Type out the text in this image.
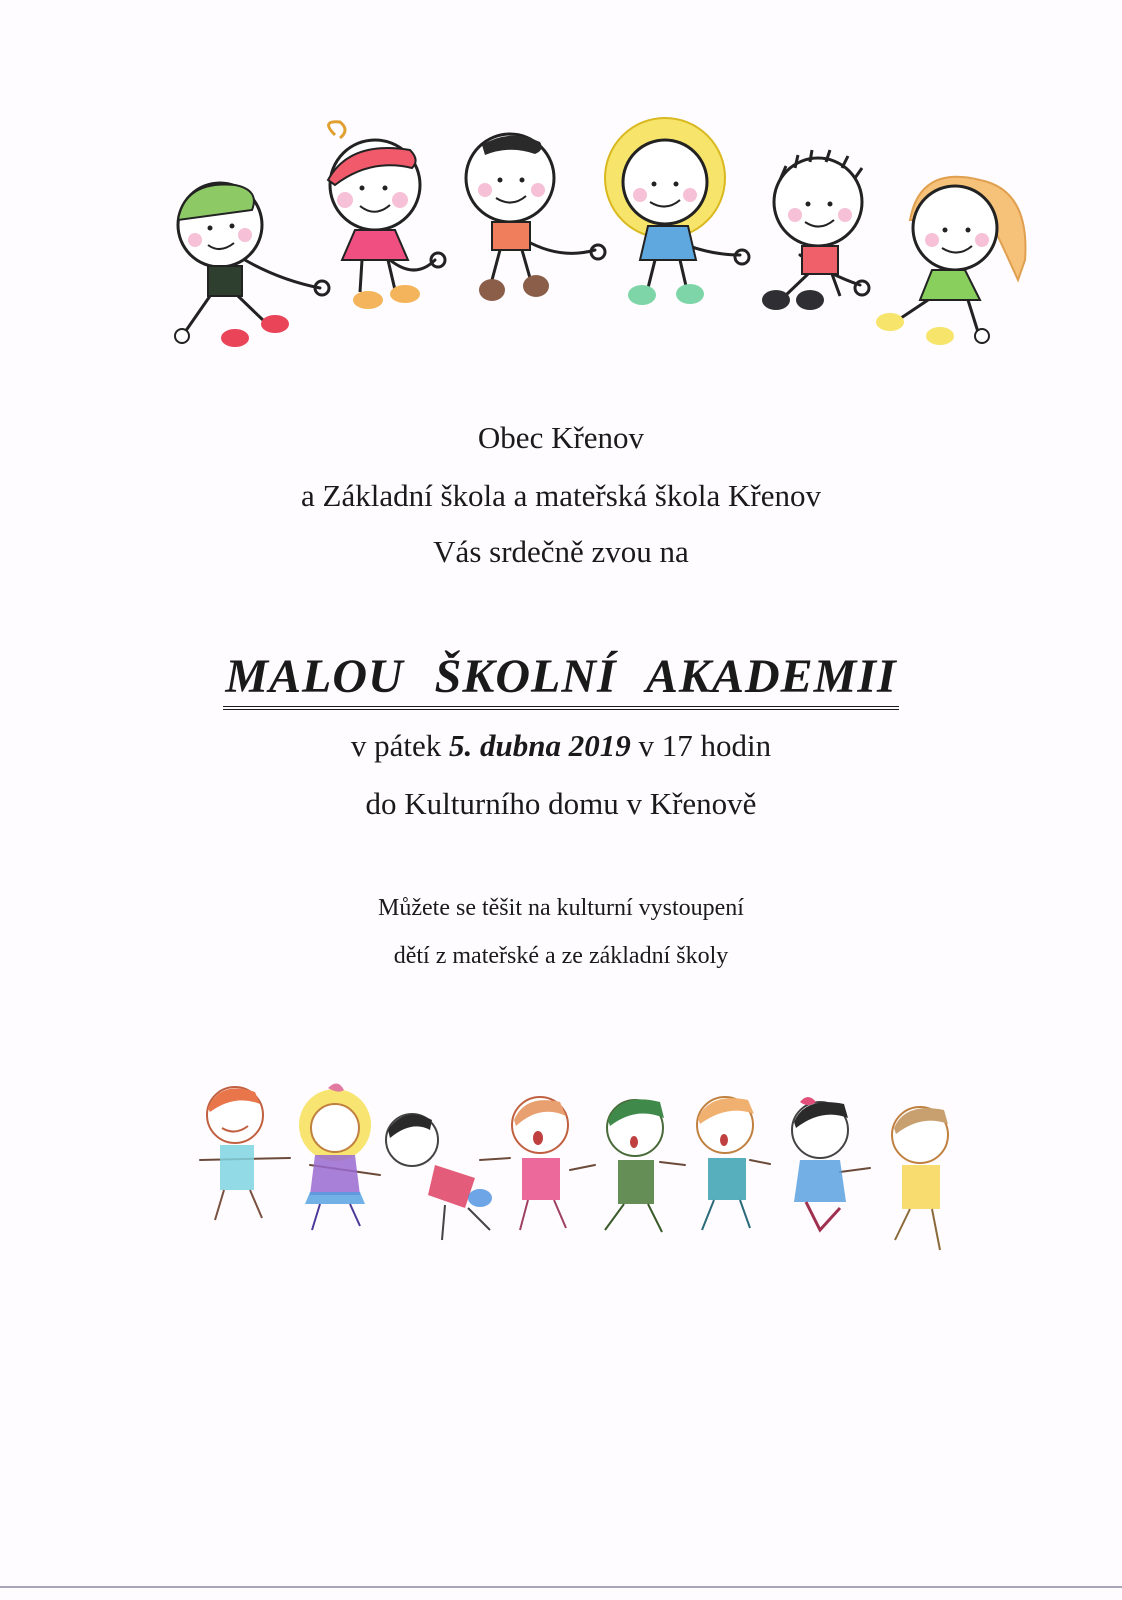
Obec Křenov
a Základní škola a mateřská škola Křenov
Vás srdečně zvou na
MALOU ŠKOLNÍ AKADEMII
v pátek 5. dubna 2019 v 17 hodin
do Kulturního domu v Křenově
Můžete se těšit na kulturní vystoupení
dětí z mateřské a ze základní školy
